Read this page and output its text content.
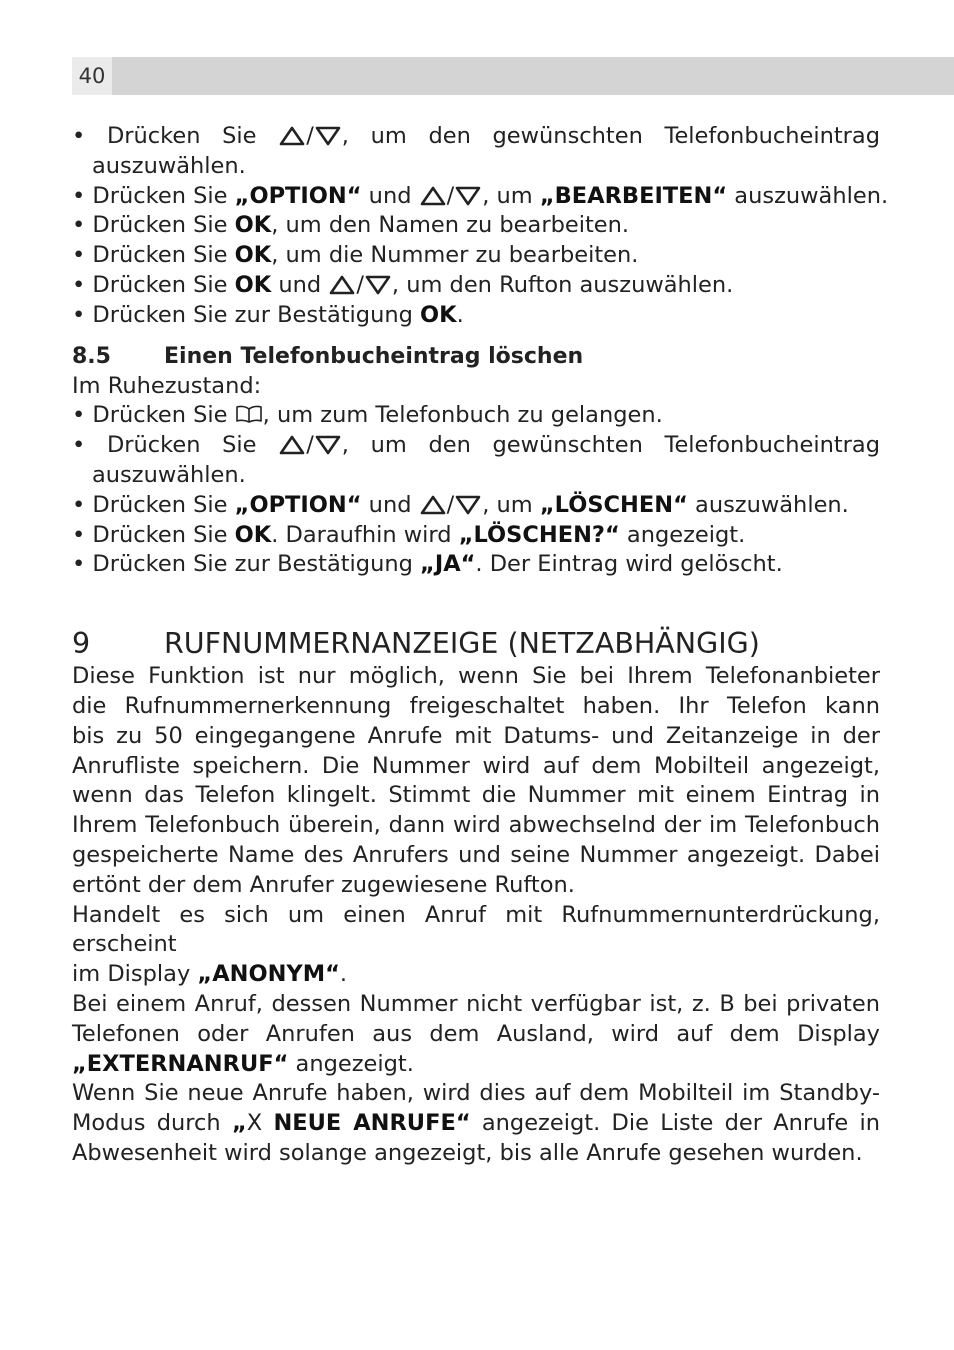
40
• Drücken Sie / , um den gewünschten Telefonbucheintrag
auszuwählen.
• Drücken Sie „OPTION“ und / , um „BEARBEITEN“ auszuwählen.
• Drücken Sie OK, um den Namen zu bearbeiten.
• Drücken Sie OK, um die Nummer zu bearbeiten.
• Drücken Sie OK und / , um den Rufton auszuwählen.
• Drücken Sie zur Bestätigung OK.
8.5 Einen Telefonbucheintrag löschen
Im Ruhezustand:
• Drücken Sie , um zum Telefonbuch zu gelangen.
• Drücken Sie / , um den gewünschten Telefonbucheintrag
auszuwählen.
• Drücken Sie „OPTION“ und / , um „LÖSCHEN“ auszuwählen.
• Drücken Sie OK. Daraufhin wird „LÖSCHEN?“ angezeigt.
• Drücken Sie zur Bestätigung „JA“. Der Eintrag wird gelöscht.
9	RUFNUMMERNANZEIGE (NETZABHÄNGIG)
Diese Funktion ist nur möglich, wenn Sie bei Ihrem Telefonanbieter
die Rufnummernerkennung freigeschaltet haben. Ihr Telefon kann
bis zu 50 eingegangene Anrufe mit Datums- und Zeitanzeige in der
Anrufliste speichern. Die Nummer wird auf dem Mobilteil angezeigt,
wenn das Telefon klingelt. Stimmt die Nummer mit einem Eintrag in
Ihrem Telefonbuch überein, dann wird abwechselnd der im Telefonbuch
gespeicherte Name des Anrufers und seine Nummer angezeigt. Dabei
ertönt der dem Anrufer zugewiesene Rufton.
Handelt es sich um einen Anruf mit Rufnummernunterdrückung, erscheint
im Display „ANONYM“.
Bei einem Anruf, dessen Nummer nicht verfügbar ist, z. B bei privaten
Telefonen oder Anrufen aus dem Ausland, wird auf dem Display
„EXTERNANRUF“ angezeigt.
Wenn Sie neue Anrufe haben, wird dies auf dem Mobilteil im Standby-
Modus durch „X NEUE ANRUFE“ angezeigt. Die Liste der Anrufe in
Abwesenheit wird solange angezeigt, bis alle Anrufe gesehen wurden.
